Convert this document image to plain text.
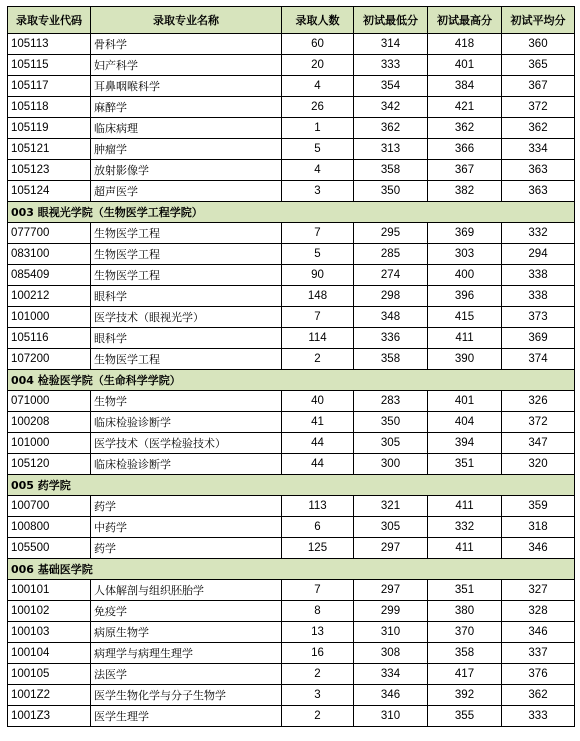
录取专业代码	录取专业名称	录取人数	初试最低分	初试最高分	初试平均分
105113	骨科学	60	314	418	360
105115	妇产科学	20	333	401	365
105117	耳鼻咽喉科学	4	354	384	367
105118	麻醉学	26	342	421	372
105119	临床病理	1	362	362	362
105121	肿瘤学	5	313	366	334
105123	放射影像学	4	358	367	363
105124	超声医学	3	350	382	363
003 眼视光学院（生物医学工程学院）					
077700	生物医学工程	7	295	369	332
083100	生物医学工程	5	285	303	294
085409	生物医学工程	90	274	400	338
100212	眼科学	148	298	396	338
101000	医学技术（眼视光学）	7	348	415	373
105116	眼科学	114	336	411	369
107200	生物医学工程	2	358	390	374
004 检验医学院（生命科学学院）					
071000	生物学	40	283	401	326
100208	临床检验诊断学	41	350	404	372
101000	医学技术（医学检验技术）	44	305	394	347
105120	临床检验诊断学	44	300	351	320
005 药学院					
100700	药学	113	321	411	359
100800	中药学	6	305	332	318
105500	药学	125	297	411	346
006 基础医学院					
100101	人体解剖与组织胚胎学	7	297	351	327
100102	免疫学	8	299	380	328
100103	病原生物学	13	310	370	346
100104	病理学与病理生理学	16	308	358	337
100105	法医学	2	334	417	376
1001Z2	医学生物化学与分子生物学	3	346	392	362
1001Z3	医学生理学	2	310	355	333
